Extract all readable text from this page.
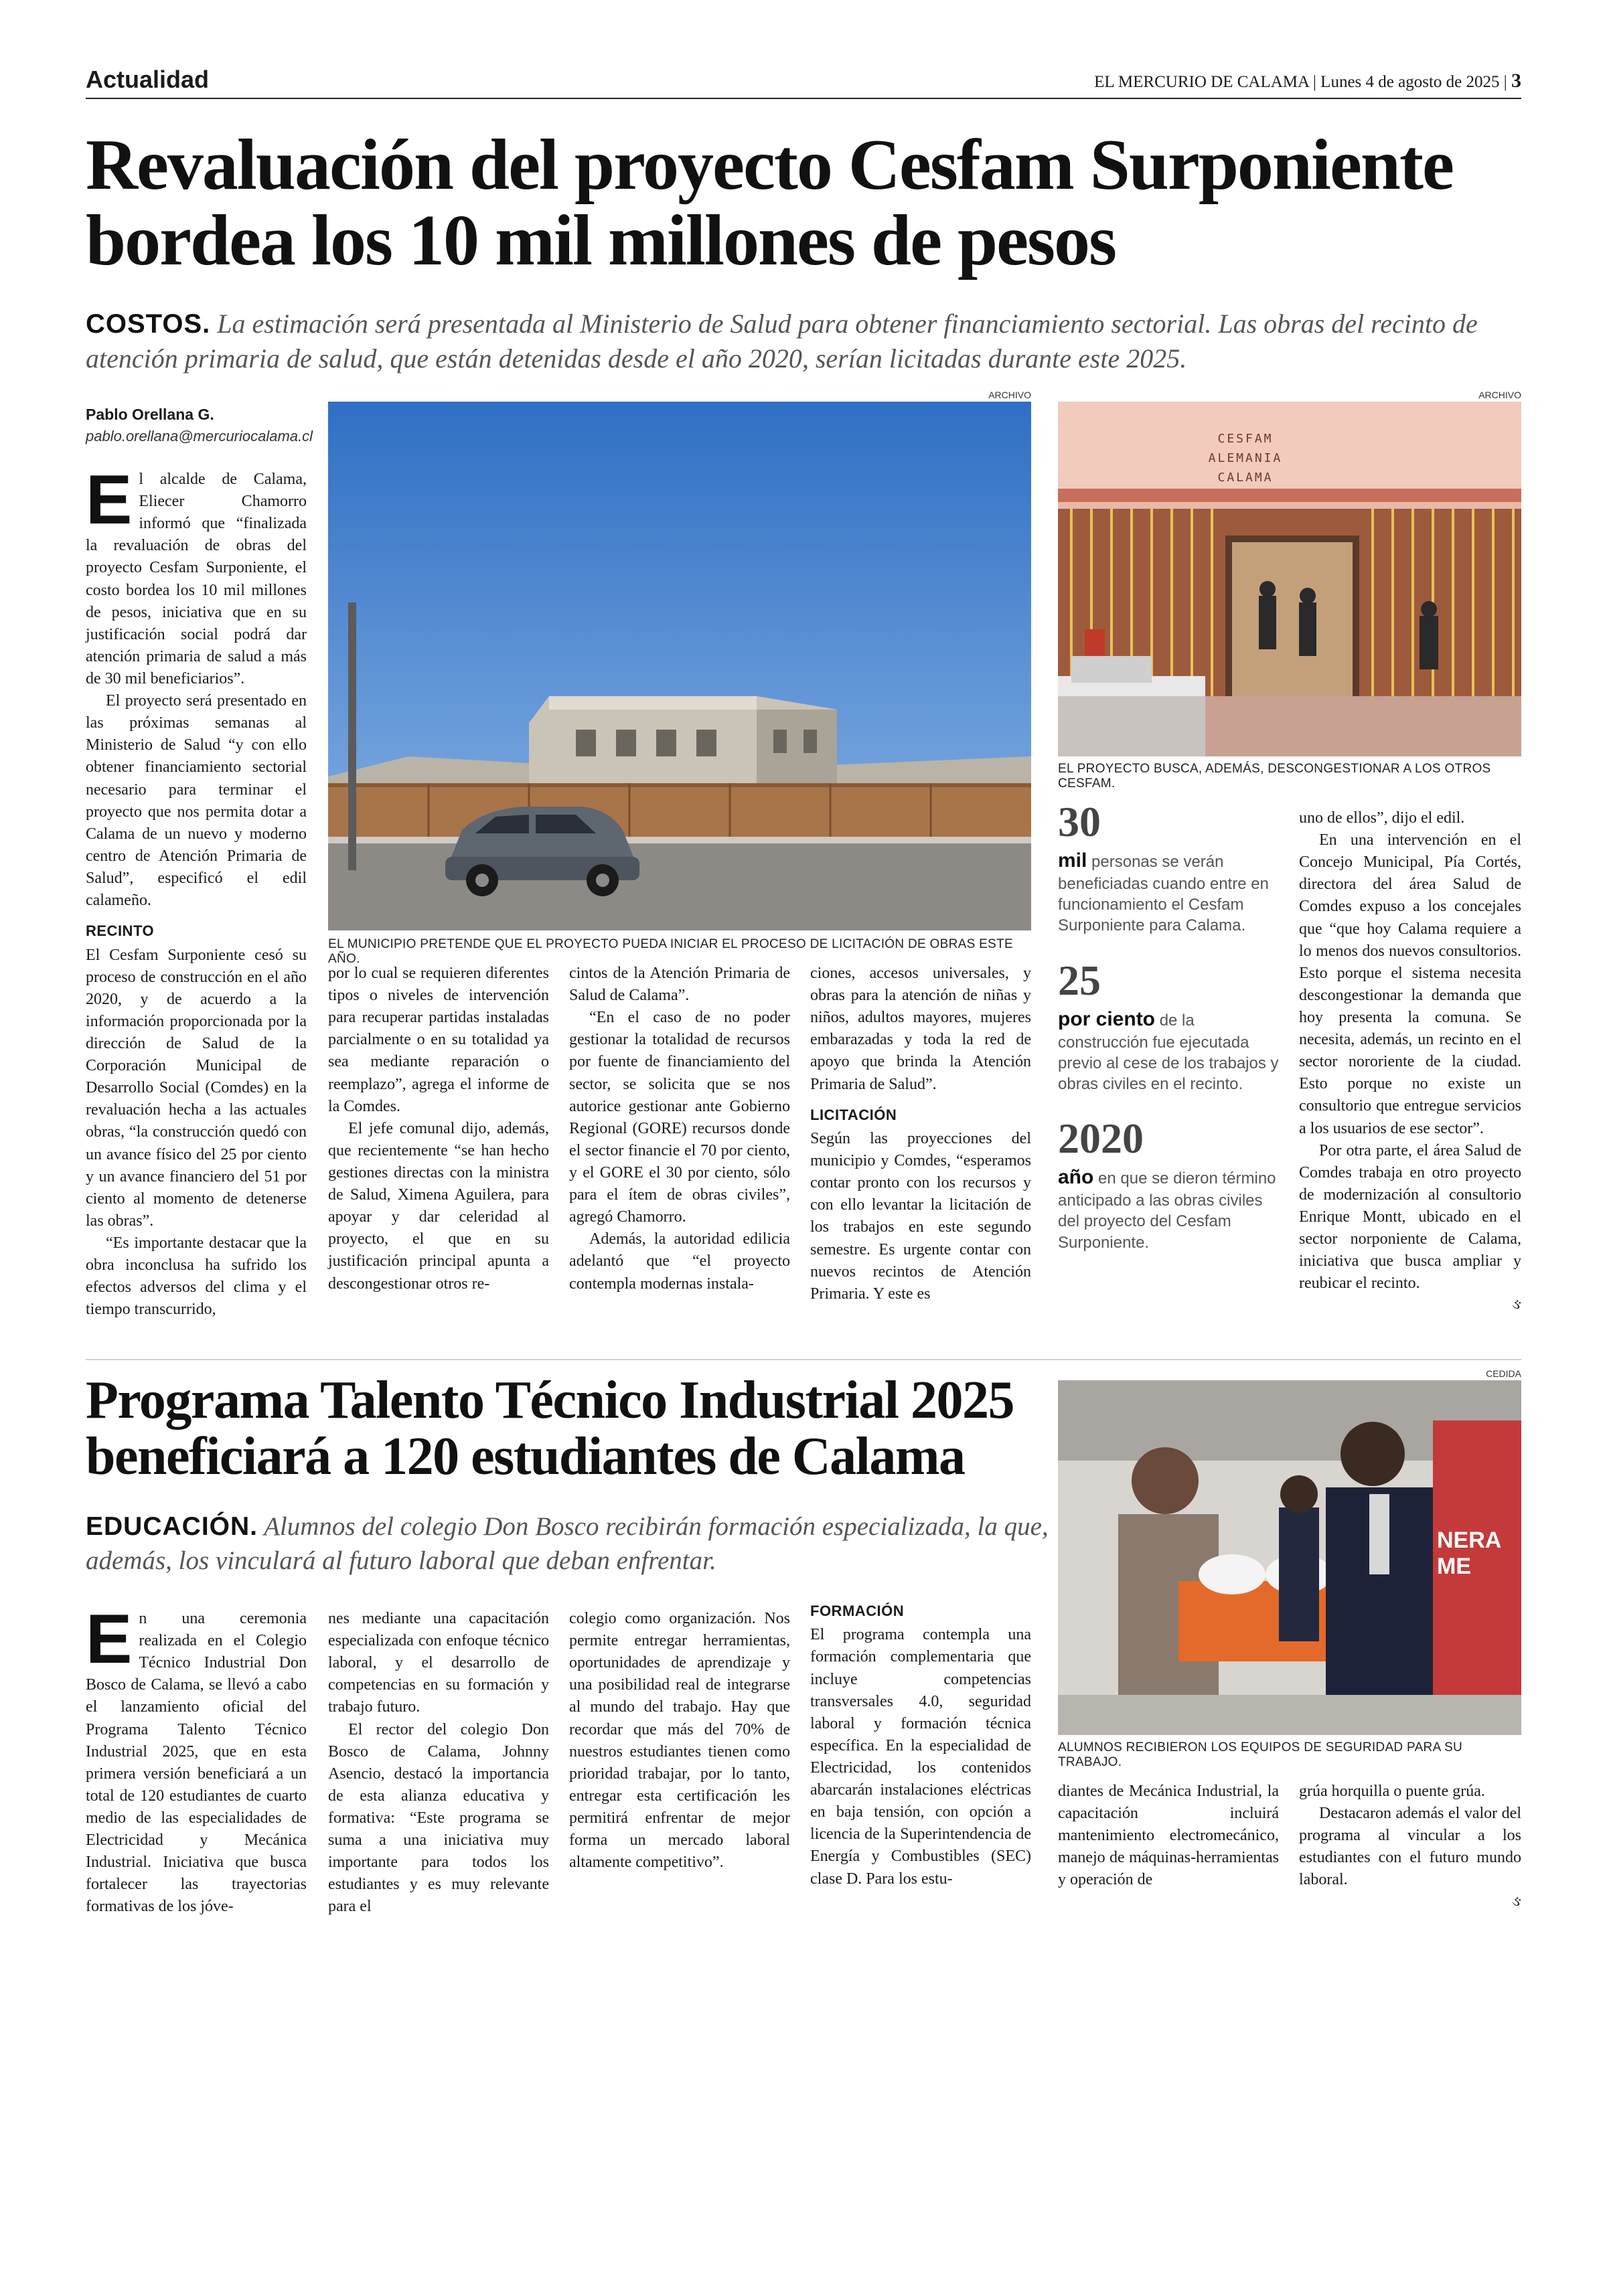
Actualidad	EL MERCURIO DE CALAMA | Lunes 4 de agosto de 2025 | 3
Revaluación del proyecto Cesfam Surponiente bordea los 10 mil millones de pesos
COSTOS. La estimación será presentada al Ministerio de Salud para obtener financiamiento sectorial. Las obras del recinto de atención primaria de salud, que están detenidas desde el año 2020, serían licitadas durante este 2025.
Pablo Orellana G.
pablo.orellana@mercuriocalama.cl
ARCHIVO
EL MUNICIPIO PRETENDE QUE EL PROYECTO PUEDA INICIAR EL PROCESO DE LICITACIÓN DE OBRAS ESTE AÑO.
ARCHIVO
CESFAM ALEMANIA CALAMA
EL PROYECTO BUSCA, ADEMÁS, DESCONGESTIONAR A LOS OTROS CESFAM.

El alcalde de Calama, Eliecer Chamorro informó que “finalizada la revaluación de obras del proyecto Cesfam Surponiente, el costo bordea los 10 mil millones de pesos, iniciativa que en su justificación social podrá dar atención primaria de salud a más de 30 mil beneficiarios”.

El proyecto será presentado en las próximas semanas al Ministerio de Salud “y con ello obtener financiamiento sectorial necesario para terminar el proyecto que nos permita dotar a Calama de un nuevo y moderno centro de Atención Primaria de Salud”, especificó el edil calameño.

RECINTO

El Cesfam Surponiente cesó su proceso de construcción en el año 2020, y de acuerdo a la información proporcionada por la dirección de Salud de la Corporación Municipal de Desarrollo Social (Comdes) en la revaluación hecha a las actuales obras, “la construcción quedó con un avance físico del 25 por ciento y un avance financiero del 51 por ciento al momento de detenerse las obras”.

“Es importante destacar que la obra inconclusa ha sufrido los efectos adversos del clima y el tiempo transcurrido,

por lo cual se requieren diferentes tipos o niveles de intervención para recuperar partidas instaladas parcialmente o en su totalidad ya sea mediante reparación o reemplazo”, agrega el informe de la Comdes.

El jefe comunal dijo, además, que recientemente “se han hecho gestiones directas con la ministra de Salud, Ximena Aguilera, para apoyar y dar celeridad al proyecto, el que en su justificación principal apunta a descongestionar otros re-

cintos de la Atención Primaria de Salud de Calama”.

“En el caso de no poder gestionar la totalidad de recursos por fuente de financiamiento del sector, se solicita que se nos autorice gestionar ante Gobierno Regional (GORE) recursos donde el sector financie el 70 por ciento, y el GORE el 30 por ciento, sólo para el ítem de obras civiles”, agregó Chamorro.

Además, la autoridad edilicia adelantó que “el proyecto contempla modernas instala-

ciones, accesos universales, y obras para la atención de niñas y niños, adultos mayores, mujeres embarazadas y toda la red de apoyo que brinda la Atención Primaria de Salud”.

LICITACIÓN

Según las proyecciones del municipio y Comdes, “esperamos contar pronto con los recursos y con ello levantar la licitación de los trabajos en este segundo semestre. Es urgente contar con nuevos recintos de Atención Primaria. Y este es

30
mil personas se verán beneficiadas cuando entre en funcionamiento el Cesfam Surponiente para Calama.
25
por ciento de la construcción fue ejecutada previo al cese de los trabajos y obras civiles en el recinto.
2020
año en que se dieron término anticipado a las obras civiles del proyecto del Cesfam Surponiente.

uno de ellos”, dijo el edil.

En una intervención en el Concejo Municipal, Pía Cortés, directora del área Salud de Comdes expuso a los concejales que “que hoy Calama requiere a lo menos dos nuevos consultorios. Esto porque el sistema necesita descongestionar la demanda que hoy presenta la comuna. Se necesita, además, un recinto en el sector nororiente de la ciudad. Esto porque no existe un consultorio que entregue servicios a los usuarios de ese sector”.

Por otra parte, el área Salud de Comdes trabaja en otro proyecto de modernización al consultorio Enrique Montt, ubicado en el sector norponiente de Calama, iniciativa que busca ampliar y reubicar el recinto.

ઙ
Programa Talento Técnico Industrial 2025 beneficiará a 120 estudiantes de Calama
EDUCACIÓN. Alumnos del colegio Don Bosco recibirán formación especializada, la que, además, los vinculará al futuro laboral que deban enfrentar.
CEDIDA
NERA ME
ALUMNOS RECIBIERON LOS EQUIPOS DE SEGURIDAD PARA SU TRABAJO.

En una ceremonia realizada en el Colegio Técnico Industrial Don Bosco de Calama, se llevó a cabo el lanzamiento oficial del Programa Talento Técnico Industrial 2025, que en esta primera versión beneficiará a un total de 120 estudiantes de cuarto medio de las especialidades de Electricidad y Mecánica Industrial. Iniciativa que busca fortalecer las trayectorias formativas de los jóve-

nes mediante una capacitación especializada con enfoque técnico laboral, y el desarrollo de competencias en su formación y trabajo futuro.

El rector del colegio Don Bosco de Calama, Johnny Asencio, destacó la importancia de esta alianza educativa y formativa: “Este programa se suma a una iniciativa muy importante para todos los estudiantes y es muy relevante para el

colegio como organización. Nos permite entregar herramientas, oportunidades de aprendizaje y una posibilidad real de integrarse al mundo del trabajo. Hay que recordar que más del 70% de nuestros estudiantes tienen como prioridad trabajar, por lo tanto, entregar esta certificación les permitirá enfrentar de mejor forma un mercado laboral altamente competitivo”.

FORMACIÓN

El programa contempla una formación complementaria que incluye competencias transversales 4.0, seguridad laboral y formación técnica específica. En la especialidad de Electricidad, los contenidos abarcarán instalaciones eléctricas en baja tensión, con opción a licencia de la Superintendencia de Energía y Combustibles (SEC) clase D. Para los estu-

diantes de Mecánica Industrial, la capacitación incluirá mantenimiento electromecánico, manejo de máquinas-herramientas y operación de

grúa horquilla o puente grúa.

Destacaron además el valor del programa al vincular a los estudiantes con el futuro mundo laboral.

ઙ
